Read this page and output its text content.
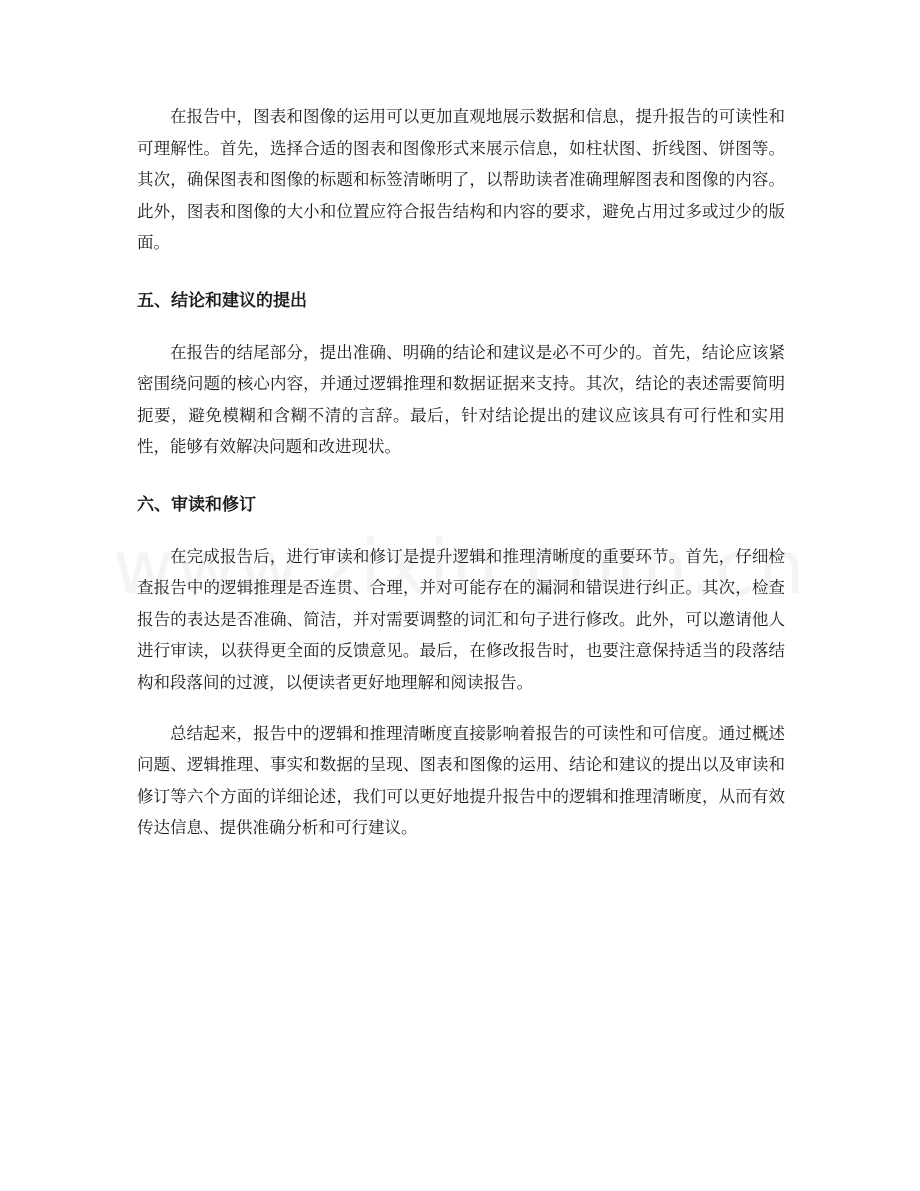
在报告中，图表和图像的运用可以更加直观地展示数据和信息，提升报告的可读性和可理解性。首先，选择合适的图表和图像形式来展示信息，如柱状图、折线图、饼图等。其次，确保图表和图像的标题和标签清晰明了，以帮助读者准确理解图表和图像的内容。此外，图表和图像的大小和位置应符合报告结构和内容的要求，避免占用过多或过少的版面。

五、结论和建议的提出

在报告的结尾部分，提出准确、明确的结论和建议是必不可少的。首先，结论应该紧密围绕问题的核心内容，并通过逻辑推理和数据证据来支持。其次，结论的表述需要简明扼要，避免模糊和含糊不清的言辞。最后，针对结论提出的建议应该具有可行性和实用性，能够有效解决问题和改进现状。

六、审读和修订

在完成报告后，进行审读和修订是提升逻辑和推理清晰度的重要环节。首先，仔细检查报告中的逻辑推理是否连贯、合理，并对可能存在的漏洞和错误进行纠正。其次，检查报告的表达是否准确、简洁，并对需要调整的词汇和句子进行修改。此外，可以邀请他人进行审读，以获得更全面的反馈意见。最后，在修改报告时，也要注意保持适当的段落结构和段落间的过渡，以便读者更好地理解和阅读报告。

总结起来，报告中的逻辑和推理清晰度直接影响着报告的可读性和可信度。通过概述问题、逻辑推理、事实和数据的呈现、图表和图像的运用、结论和建议的提出以及审读和修订等六个方面的详细论述，我们可以更好地提升报告中的逻辑和推理清晰度，从而有效传达信息、提供准确分析和可行建议。
